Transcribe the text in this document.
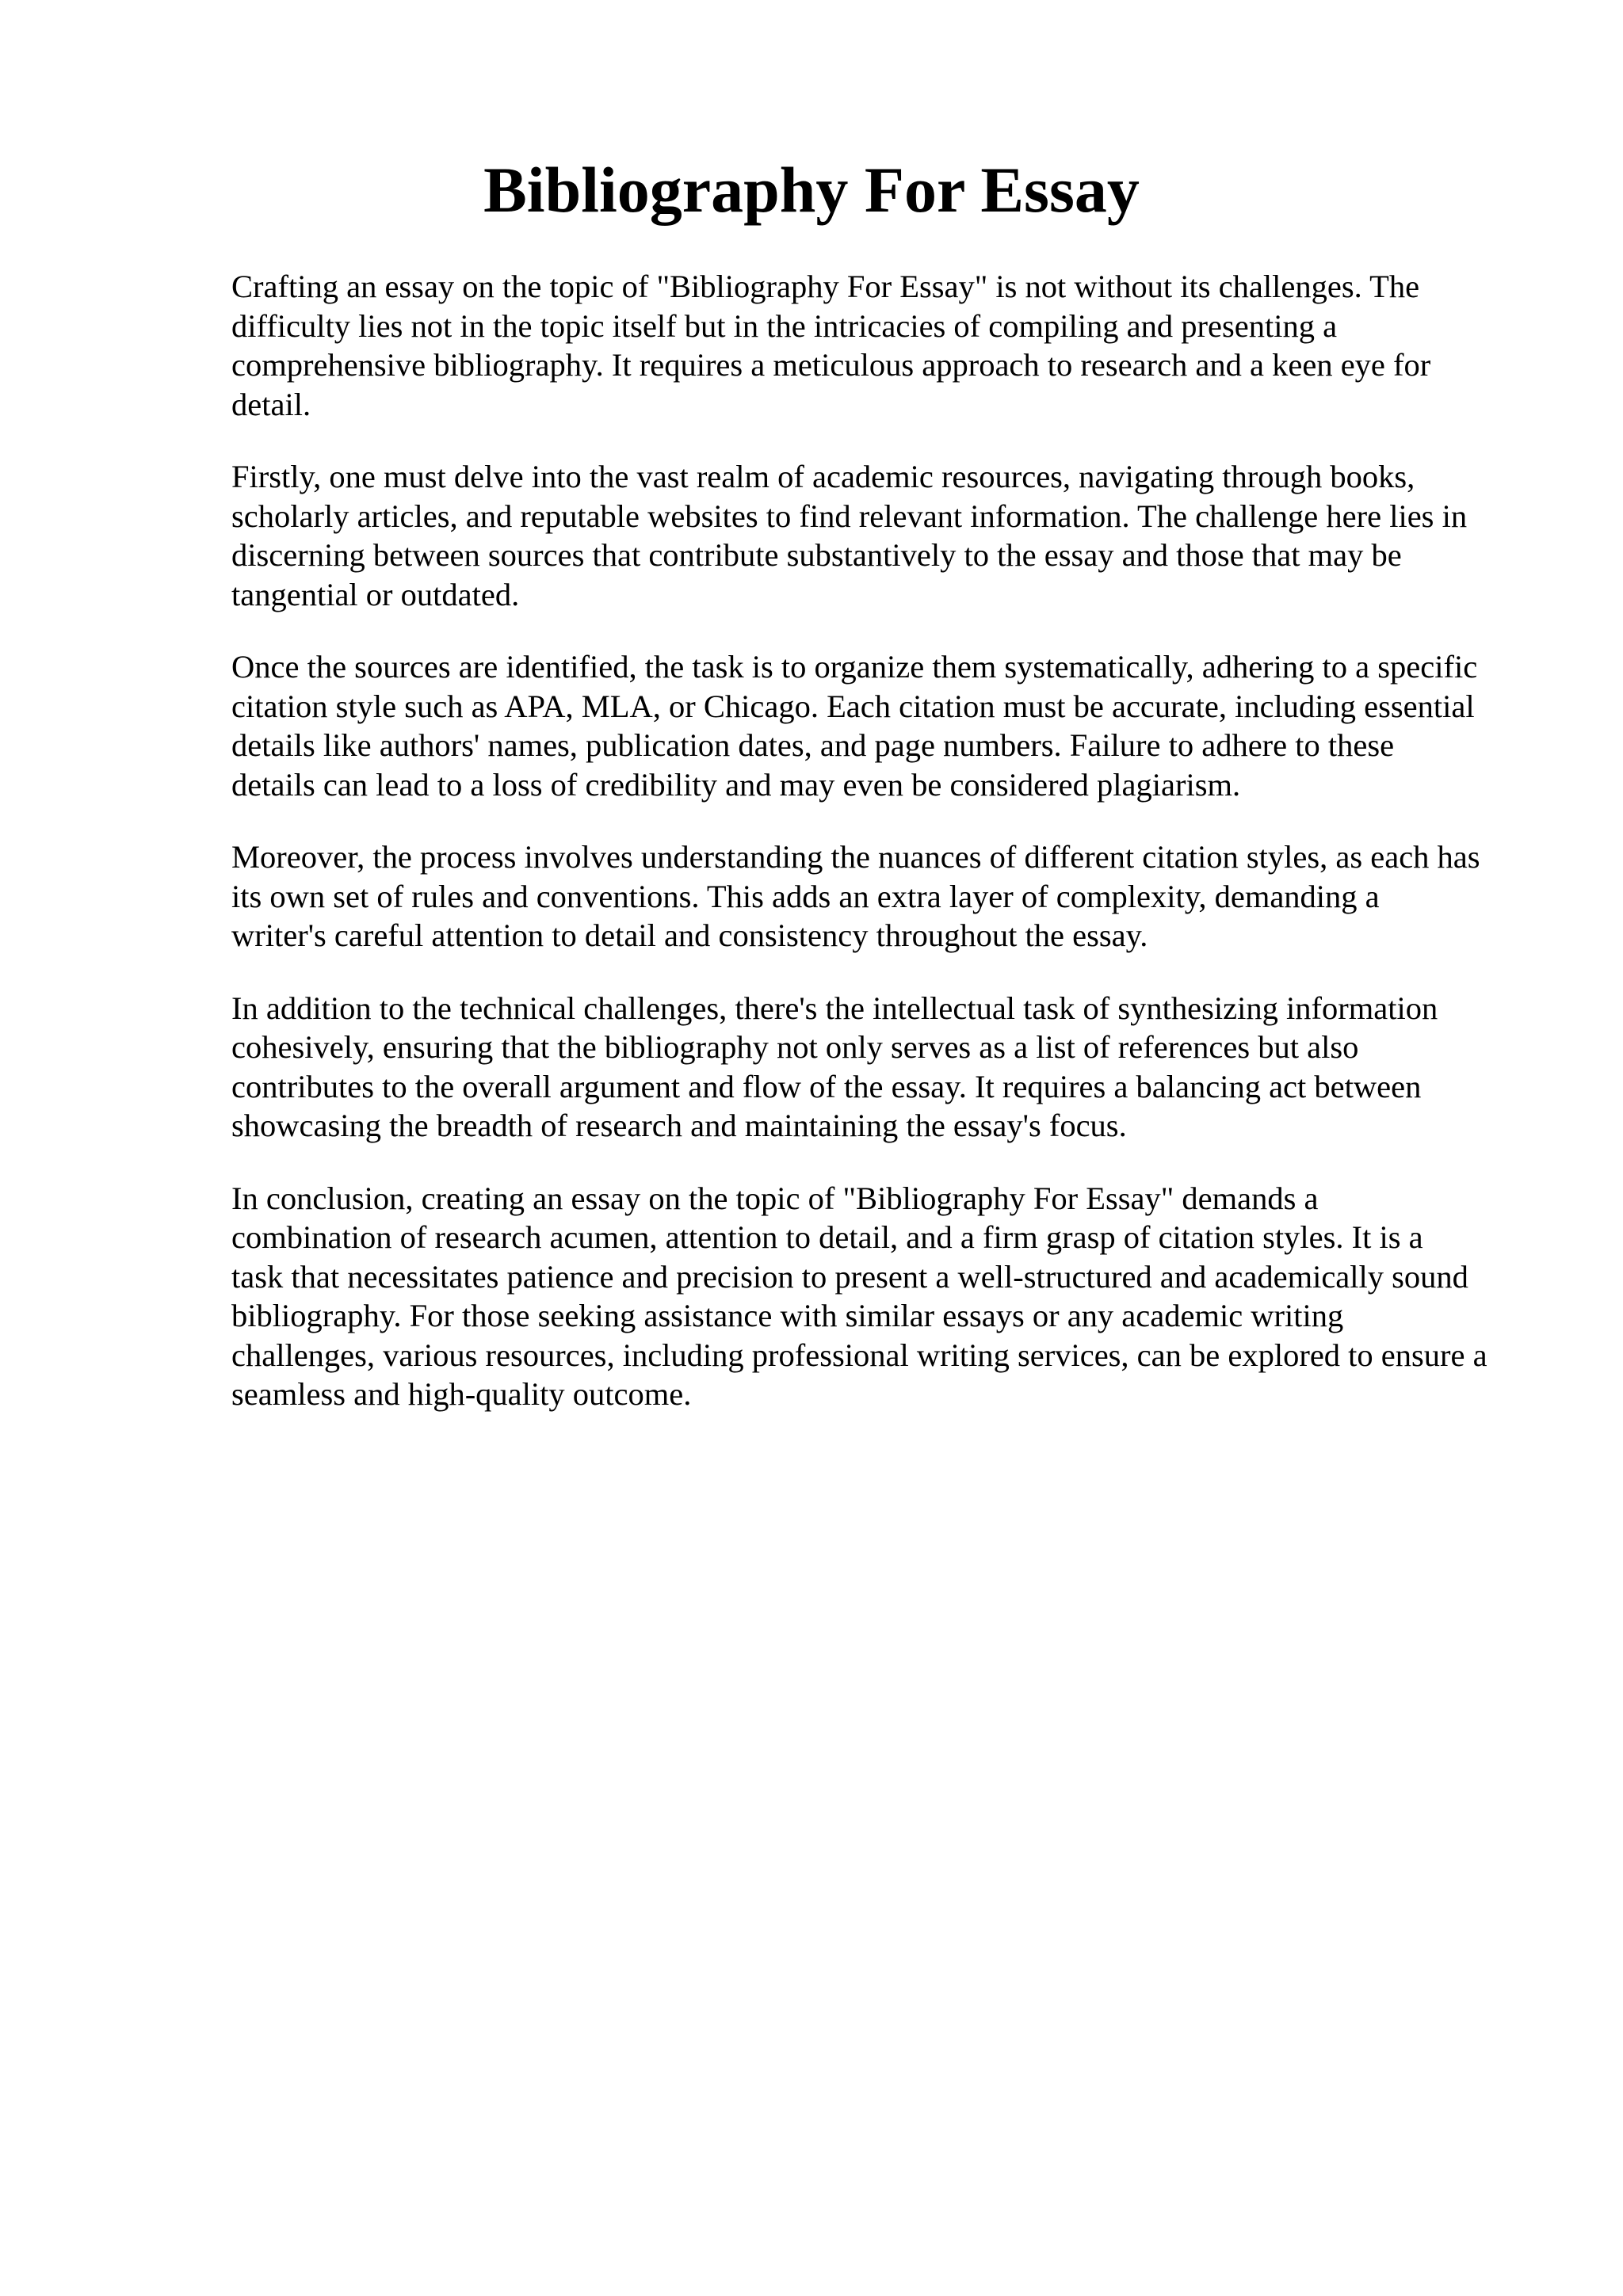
Bibliography For Essay

Crafting an essay on the topic of "Bibliography For Essay" is not without its challenges. The
difficulty lies not in the topic itself but in the intricacies of compiling and presenting a
comprehensive bibliography. It requires a meticulous approach to research and a keen eye for
detail.

Firstly, one must delve into the vast realm of academic resources, navigating through books,
scholarly articles, and reputable websites to find relevant information. The challenge here lies in
discerning between sources that contribute substantively to the essay and those that may be
tangential or outdated.

Once the sources are identified, the task is to organize them systematically, adhering to a specific
citation style such as APA, MLA, or Chicago. Each citation must be accurate, including essential
details like authors' names, publication dates, and page numbers. Failure to adhere to these
details can lead to a loss of credibility and may even be considered plagiarism.

Moreover, the process involves understanding the nuances of different citation styles, as each has
its own set of rules and conventions. This adds an extra layer of complexity, demanding a
writer's careful attention to detail and consistency throughout the essay.

In addition to the technical challenges, there's the intellectual task of synthesizing information
cohesively, ensuring that the bibliography not only serves as a list of references but also
contributes to the overall argument and flow of the essay. It requires a balancing act between
showcasing the breadth of research and maintaining the essay's focus.

In conclusion, creating an essay on the topic of "Bibliography For Essay" demands a
combination of research acumen, attention to detail, and a firm grasp of citation styles. It is a
task that necessitates patience and precision to present a well-structured and academically sound
bibliography. For those seeking assistance with similar essays or any academic writing
challenges, various resources, including professional writing services, can be explored to ensure a
seamless and high-quality outcome.
